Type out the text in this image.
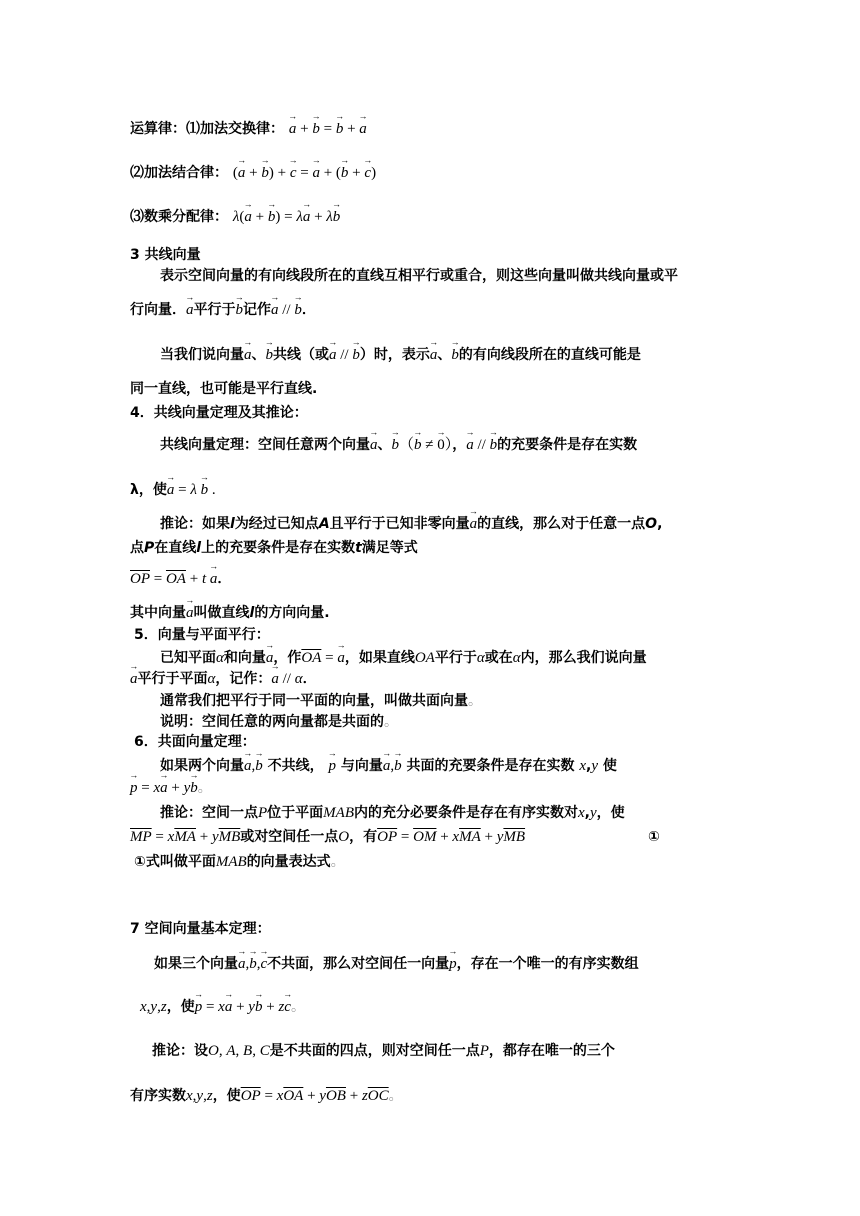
运算律：⑴加法交换律： a → + b → = b → + a →
⑵加法结合律： (a → + b →) + c → = a → + (b → + c →)
⑶数乘分配律： λ(a → + b →) = λa → + λb →
3 共线向量
表示空间向量的有向线段所在的直线互相平行或重合，则这些向量叫做共线向量或平
行向量．a →平行于b →记作a → // b →．
当我们说向量a →、b →共线（或a → // b →）时，表示a →、b →的有向线段所在的直线可能是
同一直线，也可能是平行直线.
4．共线向量定理及其推论：
共线向量定理：空间任意两个向量a →、b →（b → ≠ 0 →），a → // b →的充要条件是存在实数
λ，使a → = λ b → .
推论：如果l为经过已知点A且平行于已知非零向量a →的直线，那么对于任意一点O,
点P在直线l上的充要条件是存在实数t满足等式
$\overline{OP} = \overline{OA} + t$ a →．
其中向量a →叫做直线l的方向向量.
5．向量与平面平行：
已知平面α和向量a →，作$\overline{OA} = a$ →，如果直线OA平行于α或在α内，那么我们说向量
a →平行于平面α，记作：a → // α．
通常我们把平行于同一平面的向量，叫做共面向量。
说明：空间任意的两向量都是共面的。
6．共面向量定理：
如果两个向量a →,b → 不共线， p → 与向量a →,b → 共面的充要条件是存在实数 x,y 使
p → = xa → + yb →。
推论：空间一点P位于平面MAB内的充分必要条件是存在有序实数对x,y，使
$\overline{MP} = x\overline{MA} + y\overline{MB}$或对空间任一点O，有$\overline{OP} = \overline{OM} + x\overline{MA} + y\overline{MB}$	①
①式叫做平面MAB的向量表达式。
7 空间向量基本定理：
如果三个向量a →,b →,c →不共面，那么对空间任一向量p →，存在一个唯一的有序实数组
x,y,z，使p → = xa → + yb → + zc →。
推论：设O, A, B, C是不共面的四点，则对空间任一点P，都存在唯一的三个
有序实数x,y,z，使$\overline{OP} = x\overline{OA} + y\overline{OB} + z\overline{OC}$。
